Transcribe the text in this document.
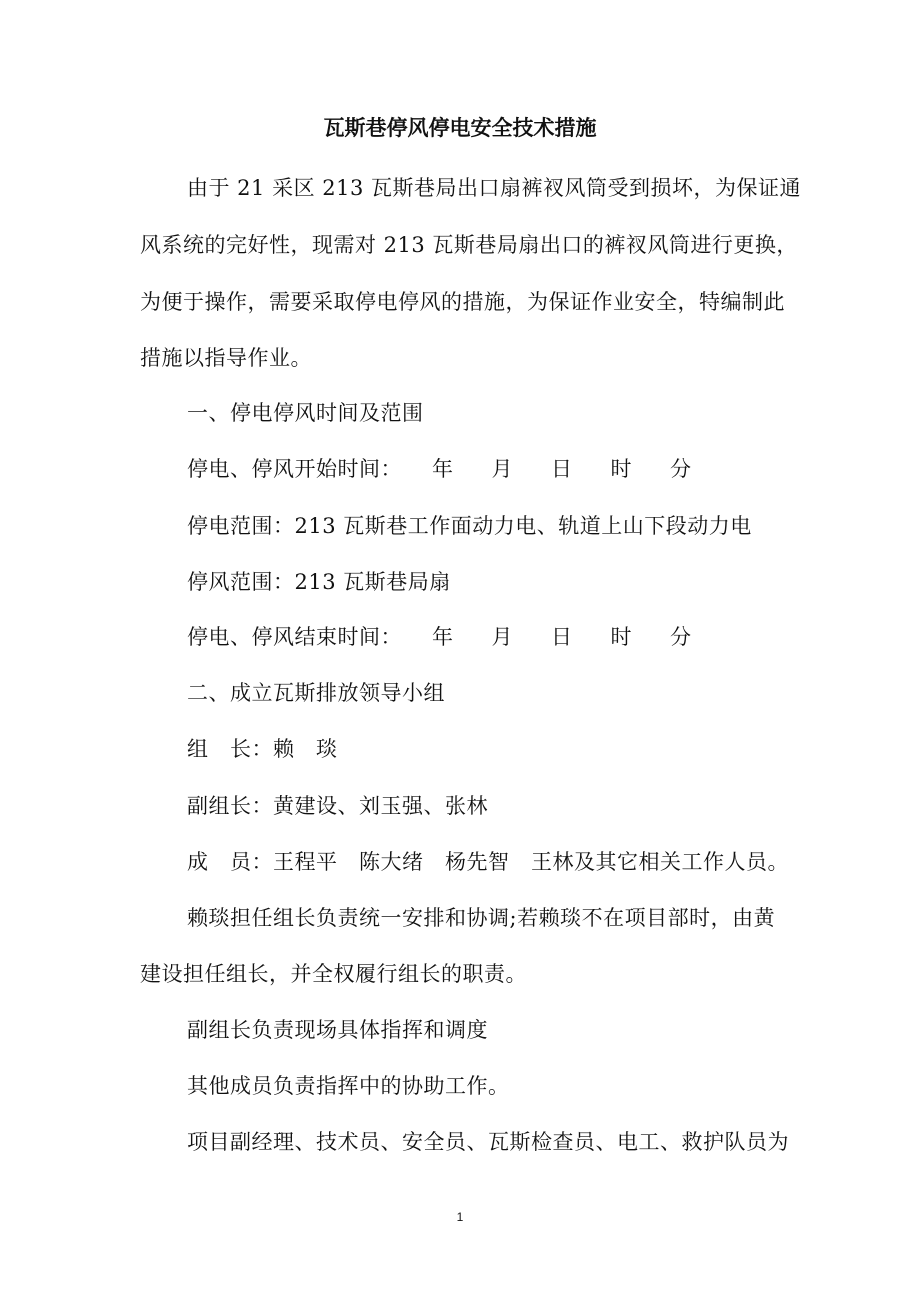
瓦斯巷停风停电安全技术措施
由于 21 采区 213 瓦斯巷局出口扇裤衩风筒受到损坏，为保证通
风系统的完好性，现需对 213 瓦斯巷局扇出口的裤衩风筒进行更换，
为便于操作，需要采取停电停风的措施，为保证作业安全，特编制此
措施以指导作业。
一、停电停风时间及范围
停电、停风开始时间： 年 月 日 时 分
停电范围：213 瓦斯巷工作面动力电、轨道上山下段动力电
停风范围：213 瓦斯巷局扇
停电、停风结束时间： 年 月 日 时 分
二、成立瓦斯排放领导小组
组　长：赖　琰
副组长：黄建设、刘玉强、张林
成　员：王程平　 陈大绪　 杨先智　 王林及其它相关工作人员。
赖琰担任组长负责统一安排和协调;若赖琰不在项目部时，由黄
建设担任组长，并全权履行组长的职责。
副组长负责现场具体指挥和调度
其他成员负责指挥中的协助工作。
项目副经理、技术员、安全员、瓦斯检查员、电工、救护队员为
1
